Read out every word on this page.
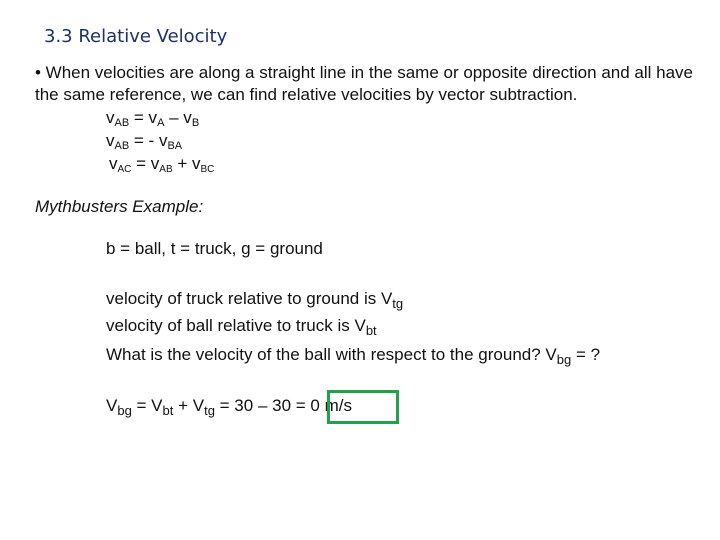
3.3 Relative Velocity
• When velocities are along a straight line in the same or opposite direction and all have the same reference, we can find relative velocities by vector subtraction.
$v_{AB} = v_A - v_B$
$v_{AB}$ = - $v_{BA}$
$v_{AC} = v_{AB} + v_{BC}$
Mythbusters Example:
b = ball, t = truck, g = ground
velocity of truck relative to ground is $V_{tg}$
velocity of ball relative to truck is $V_{bt}$
What is the velocity of the ball with respect to the ground? $V_{bg}$ = ?
$V_{bg} = V_{bt} + V_{tg} = 30 - 30 = 0$ m/s
